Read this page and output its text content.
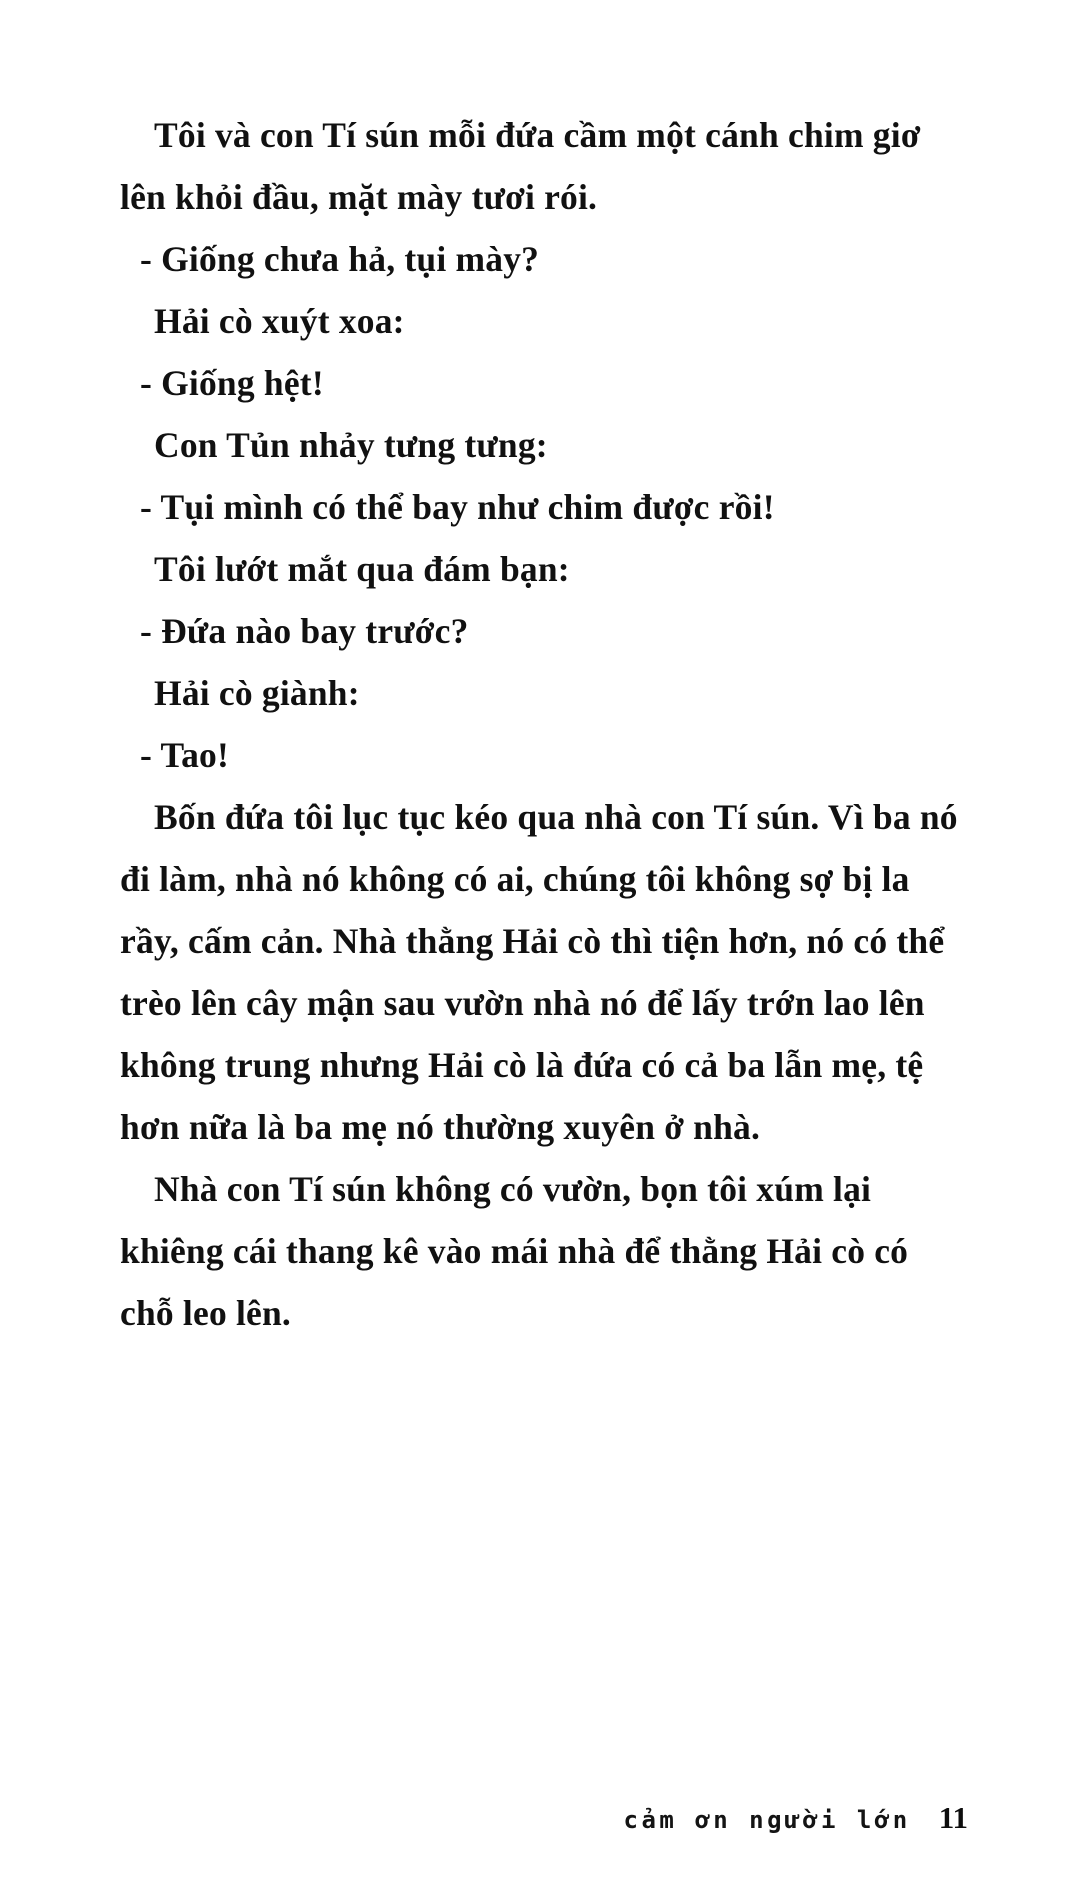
Tôi và con Tí sún mỗi đứa cầm một cánh chim giơ lên khỏi đầu, mặt mày tươi rói.

- Giống chưa hả, tụi mày?

Hải cò xuýt xoa:

- Giống hệt!

Con Tủn nhảy tưng tưng:

- Tụi mình có thể bay như chim được rồi!

Tôi lướt mắt qua đám bạn:

- Đứa nào bay trước?

Hải cò giành:

- Tao!

Bốn đứa tôi lục tục kéo qua nhà con Tí sún. Vì ba nó đi làm, nhà nó không có ai, chúng tôi không sợ bị la rầy, cấm cản. Nhà thằng Hải cò thì tiện hơn, nó có thể trèo lên cây mận sau vườn nhà nó để lấy trớn lao lên không trung nhưng Hải cò là đứa có cả ba lẫn mẹ, tệ hơn nữa là ba mẹ nó thường xuyên ở nhà.

Nhà con Tí sún không có vườn, bọn tôi xúm lại khiêng cái thang kê vào mái nhà để thằng Hải cò có chỗ leo lên.

cảm ơn người lớn 11
